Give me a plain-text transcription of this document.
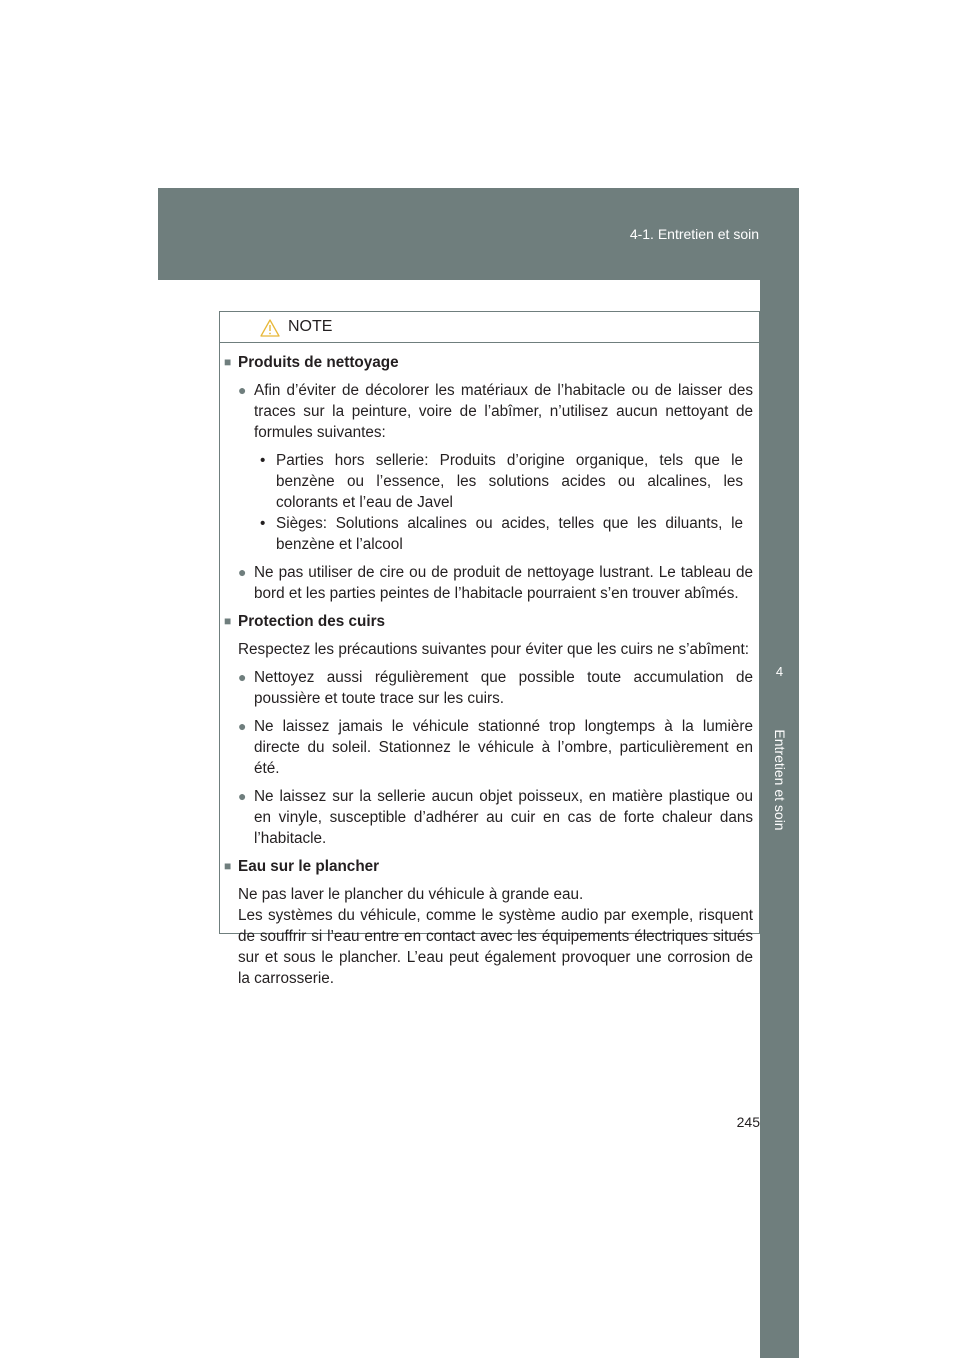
4-1. Entretien et soin
4
Entretien et soin
NOTE
■ Produits de nettoyage
● Afin d’éviter de décolorer les matériaux de l’habitacle ou de laisser des traces sur la peinture, voire de l’abîmer, n’utilisez aucun nettoyant de formules suivantes:
• Parties hors sellerie: Produits d’origine organique, tels que le benzène ou l’essence, les solutions acides ou alcalines, les colorants et l’eau de Javel
• Sièges: Solutions alcalines ou acides, telles que les diluants, le benzène et l’alcool
● Ne pas utiliser de cire ou de produit de nettoyage lustrant. Le tableau de bord et les parties peintes de l’habitacle pourraient s’en trouver abîmés.
■ Protection des cuirs
Respectez les précautions suivantes pour éviter que les cuirs ne s’abîment:
● Nettoyez aussi régulièrement que possible toute accumulation de poussière et toute trace sur les cuirs.
● Ne laissez jamais le véhicule stationné trop longtemps à la lumière directe du soleil. Stationnez le véhicule à l’ombre, particulièrement en été.
● Ne laissez sur la sellerie aucun objet poisseux, en matière plastique ou en vinyle, susceptible d’adhérer au cuir en cas de forte chaleur dans l’habitacle.
■ Eau sur le plancher
Ne pas laver le plancher du véhicule à grande eau.
Les systèmes du véhicule, comme le système audio par exemple, risquent de souffrir si l’eau entre en contact avec les équipements électriques situés sur et sous le plancher. L’eau peut également provoquer une corrosion de la carrosserie.
245
